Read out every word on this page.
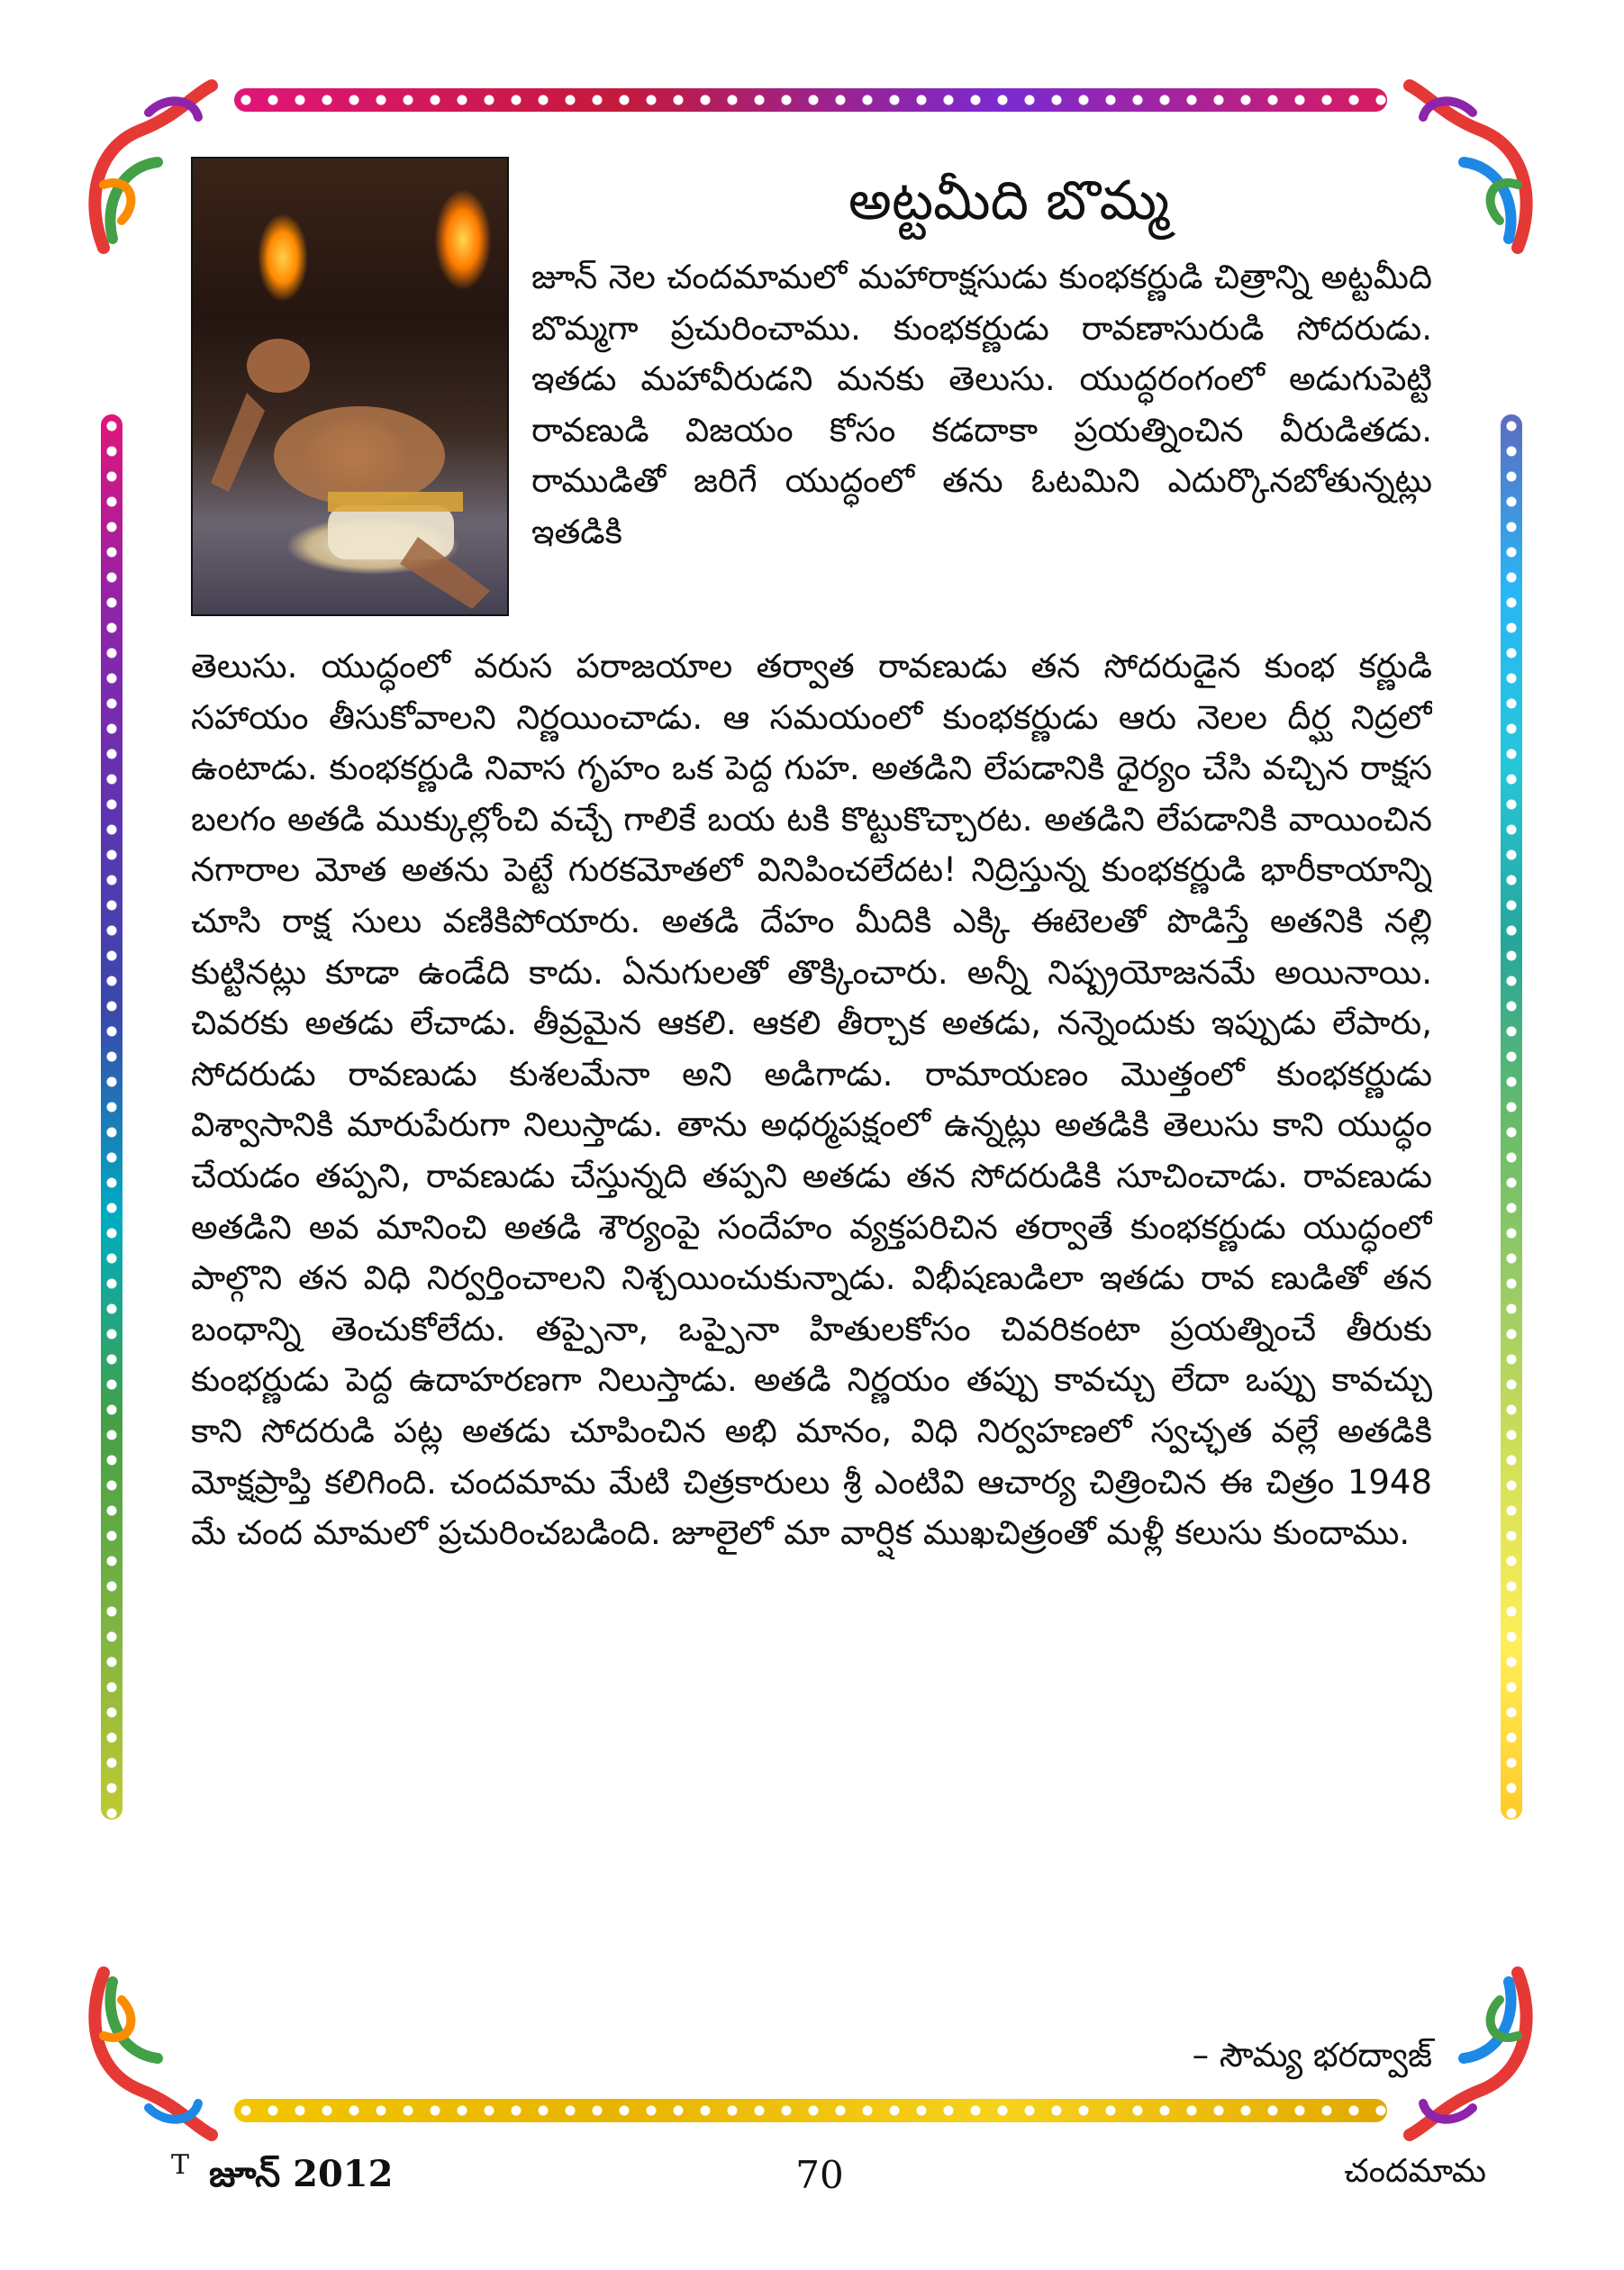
అట్టమీది బొమ్మ

జూన్ నెల చందమామలో మహారాక్షసుడు కుంభకర్ణుడి చిత్రాన్ని అట్టమీది బొమ్మగా ప్రచురించాము. కుంభకర్ణుడు రావణాసురుడి సోదరుడు. ఇతడు మహావీరుడని మనకు తెలుసు. యుద్ధరంగంలో అడుగుపెట్టి రావణుడి విజయం కోసం కడదాకా ప్రయత్నించిన వీరుడితడు. రాముడితో జరిగే యుద్ధంలో తను ఓటమిని ఎదుర్కొనబోతున్నట్లు ఇతడికి

తెలుసు. యుద్ధంలో వరుస పరాజయాల తర్వాత రావణుడు తన సోదరుడైన కుంభ కర్ణుడి సహాయం తీసుకోవాలని నిర్ణయించాడు. ఆ సమయంలో కుంభకర్ణుడు ఆరు నెలల దీర్ఘ నిద్రలో ఉంటాడు. కుంభకర్ణుడి నివాస గృహం ఒక పెద్ద గుహ. అతడిని లేపడానికి ధైర్యం చేసి వచ్చిన రాక్షస బలగం అతడి ముక్కుల్లోంచి వచ్చే గాలికే బయ టకి కొట్టుకొచ్చారట. అతడిని లేపడానికి వాయించిన నగారాల మోత అతను పెట్టే గురకమోతలో వినిపించలేదట! నిద్రిస్తున్న కుంభకర్ణుడి భారీకాయాన్ని చూసి రాక్ష సులు వణికిపోయారు. అతడి దేహం మీదికి ఎక్కి ఈటెలతో పొడిస్తే అతనికి నల్లి కుట్టినట్లు కూడా ఉండేది కాదు. ఏనుగులతో తొక్కించారు. అన్నీ నిష్ప్రయోజనమే అయినాయి. చివరకు అతడు లేచాడు. తీవ్రమైన ఆకలి. ఆకలి తీర్చాక అతడు, నన్నెందుకు ఇప్పుడు లేపారు, సోదరుడు రావణుడు కుశలమేనా అని అడిగాడు. రామాయణం మొత్తంలో కుంభకర్ణుడు విశ్వాసానికి మారుపేరుగా నిలుస్తాడు. తాను అధర్మపక్షంలో ఉన్నట్లు అతడికి తెలుసు కాని యుద్ధం చేయడం తప్పని, రావణుడు చేస్తున్నది తప్పని అతడు తన సోదరుడికి సూచించాడు. రావణుడు అతడిని అవ మానించి అతడి శౌర్యంపై సందేహం వ్యక్తపరిచిన తర్వాతే కుంభకర్ణుడు యుద్ధంలో పాల్గొని తన విధి నిర్వర్తించాలని నిశ్చయించుకున్నాడు. విభీషణుడిలా ఇతడు రావ ణుడితో తన బంధాన్ని తెంచుకోలేదు. తప్పైనా, ఒప్పైనా హితులకోసం చివరికంటా ప్రయత్నించే తీరుకు కుంభర్ణుడు పెద్ద ఉదాహరణగా నిలుస్తాడు. అతడి నిర్ణయం తప్పు కావచ్చు లేదా ఒప్పు కావచ్చు కాని సోదరుడి పట్ల అతడు చూపించిన అభి మానం, విధి నిర్వహణలో స్వచ్ఛత వల్లే అతడికి మోక్షప్రాప్తి కలిగింది. చందమామ మేటి చిత్రకారులు శ్రీ ఎంటివి ఆచార్య చిత్రించిన ఈ చిత్రం 1948 మే చంద మామలో ప్రచురించబడింది. జూలైలో మా వార్షిక ముఖచిత్రంతో మళ్లీ కలుసు కుందాము.

– సౌమ్య భరద్వాజ్
T జూన్ 2012	70	చందమామ
